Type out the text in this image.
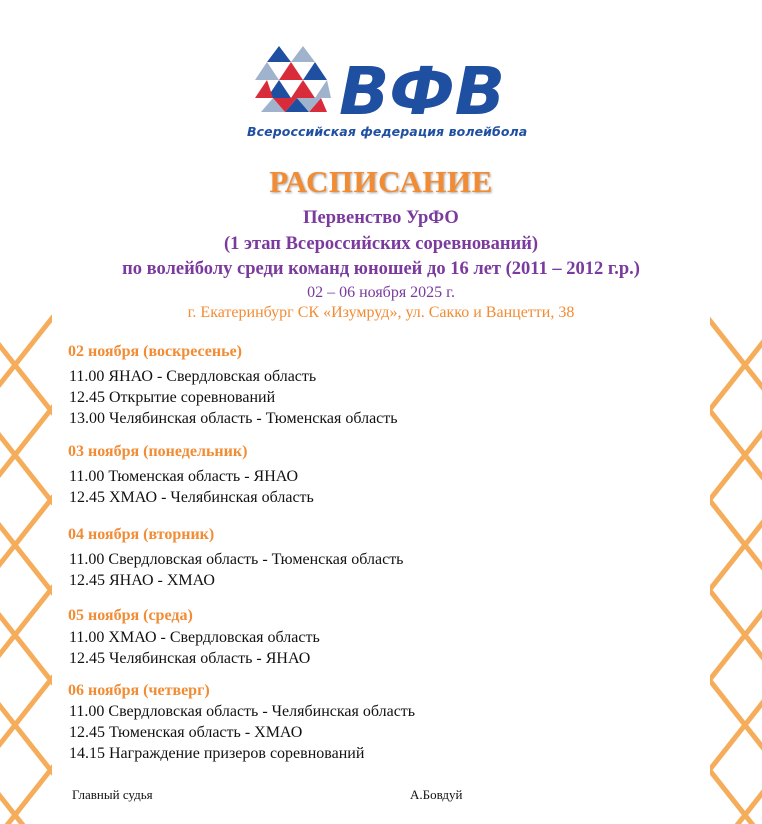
ВФВ
Всероссийская федерация волейбола
РАСПИСАНИЕ
Первенство УрФО
(1 этап Всероссийских соревнований)
по волейболу среди команд юношей до 16 лет (2011 – 2012 г.р.)
02 – 06 ноября 2025 г.
г. Екатеринбург СК «Изумруд», ул. Сакко и Ванцетти, 38
02 ноября (воскресенье)
11.00 ЯНАО - Свердловская область
12.45 Открытие соревнований
13.00 Челябинская область - Тюменская область
03 ноября (понедельник)
11.00 Тюменская область - ЯНАО
12.45 ХМАО - Челябинская область
04 ноября (вторник)
11.00 Свердловская область - Тюменская область
12.45 ЯНАО - ХМАО
05 ноября (среда)
11.00 ХМАО - Свердловская область
12.45 Челябинская область - ЯНАО
06 ноября (четверг)
11.00 Свердловская область - Челябинская область
12.45 Тюменская область - ХМАО
14.15 Награждение призеров соревнований
Главный судья	А.Бовдуй
